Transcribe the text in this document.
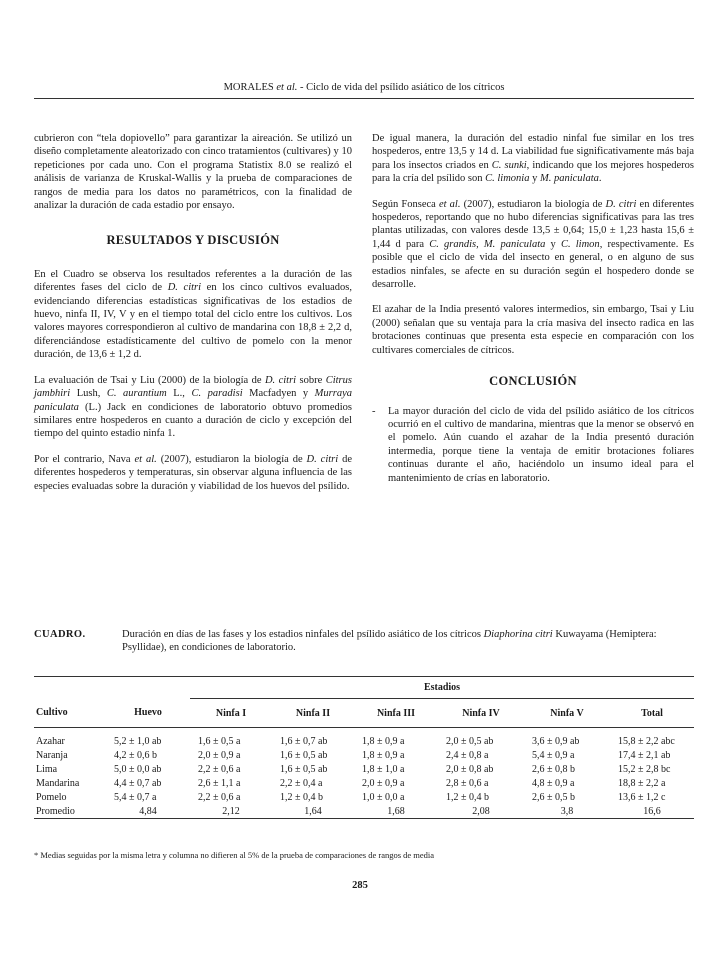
MORALES et al. - Ciclo de vida del psílido asiático de los cítricos

cubrieron con “tela dopiovello” para garantizar la aireación. Se utilizó un diseño completamente aleatorizado con cinco tratamientos (cultivares) y 10 repeticiones por cada uno. Con el programa Statistix 8.0 se realizó el análisis de varianza de Kruskal-Wallis y la prueba de comparaciones de rangos de media para los datos no paramétricos, con la finalidad de analizar la duración de cada estadio por ensayo.

RESULTADOS Y DISCUSIÓN

En el Cuadro se observa los resultados referentes a la duración de las diferentes fases del ciclo de D. citri en los cinco cultivos evaluados, evidenciando diferencias estadísticas significativas de los estadios de huevo, ninfa II, IV, V y en el tiempo total del ciclo entre los cultivos. Los valores mayores correspondieron al cultivo de mandarina con 18,8 ± 2,2 d, diferenciándose estadísticamente del cultivo de pomelo con la menor duración, de 13,6 ± 1,2 d.

La evaluación de Tsai y Liu (2000) de la biología de D. citri sobre Citrus jambhiri Lush, C. aurantium L., C. paradisi Macfadyen y Murraya paniculata (L.) Jack en condiciones de laboratorio obtuvo promedios similares entre hospederos en cuanto a duración de ciclo y excepción del tiempo del quinto estadio ninfa 1.

Por el contrario, Nava et al. (2007), estudiaron la biología de D. citri de diferentes hospederos y temperaturas, sin observar alguna influencia de las especies evaluadas sobre la duración y viabilidad de los huevos del psílido.

De igual manera, la duración del estadio ninfal fue similar en los tres hospederos, entre 13,5 y 14 d. La viabilidad fue significativamente más baja para los insectos criados en C. sunki, indicando que los mejores hospederos para la cría del psílido son C. limonia y M. paniculata.

Según Fonseca et al. (2007), estudiaron la biología de D. citri en diferentes hospederos, reportando que no hubo diferencias significativas para las tres plantas utilizadas, con valores desde 13,5 ± 0,64; 15,0 ± 1,23 hasta 15,6 ± 1,44 d para C. grandis, M. paniculata y C. limon, respectivamente. Es posible que el ciclo de vida del insecto en general, o en alguno de sus estadios ninfales, se afecte en su duración según el hospedero donde se desarrolle.

El azahar de la India presentó valores intermedios, sin embargo, Tsai y Liu (2000) señalan que su ventaja para la cría masiva del insecto radica en las brotaciones continuas que presenta esta especie en comparación con los cultivares comerciales de cítricos.

CONCLUSIÓN
-	La mayor duración del ciclo de vida del psílido asiático de los cítricos ocurrió en el cultivo de mandarina, mientras que la menor se observó en el pomelo. Aún cuando el azahar de la India presentó duración intermedia, porque tiene la ventaja de emitir brotaciones foliares continuas durante el año, haciéndolo un insumo ideal para el mantenimiento de crías en laboratorio.
CUADRO.	Duración en días de las fases y los estadios ninfales del psílido asiático de los cítricos Diaphorina citri Kuwayama (Hemiptera: Psyllidae), en condiciones de laboratorio.
		Estadios					
Cultivo	Huevo	Ninfa I	Ninfa II	Ninfa III	Ninfa IV	Ninfa V	Total

Azahar	5,2 ± 1,0 ab	1,6 ± 0,5 a	1,6 ± 0,7 ab	1,8 ± 0,9 a	2,0 ± 0,5 ab	3,6 ± 0,9 ab	15,8 ± 2,2 abc
Naranja	4,2 ± 0,6 b	2,0 ± 0,9 a	1,6 ± 0,5 ab	1,8 ± 0,9 a	2,4 ± 0,8 a	5,4 ± 0,9 a	17,4 ± 2,1 ab
Lima	5,0 ± 0,0 ab	2,2 ± 0,6 a	1,6 ± 0,5 ab	1,8 ± 1,0 a	2,0 ± 0,8 ab	2,6 ± 0,8 b	15,2 ± 2,8 bc
Mandarina	4,4 ± 0,7 ab	2,6 ± 1,1 a	2,2 ± 0,4 a	2,0 ± 0,9 a	2,8 ± 0,6 a	4,8 ± 0,9 a	18,8 ± 2,2 a
Pomelo	5,4 ± 0,7 a	2,2 ± 0,6 a	1,2 ± 0,4 b	1,0 ± 0,0 a	1,2 ± 0,4 b	2,6 ± 0,5 b	13,6 ± 1,2 c
Promedio	4,84	2,12	1,64	1,68	2,08	3,8	16,6
* Medias seguidas por la misma letra y columna no difieren al 5% de la prueba de comparaciones de rangos de media
285
